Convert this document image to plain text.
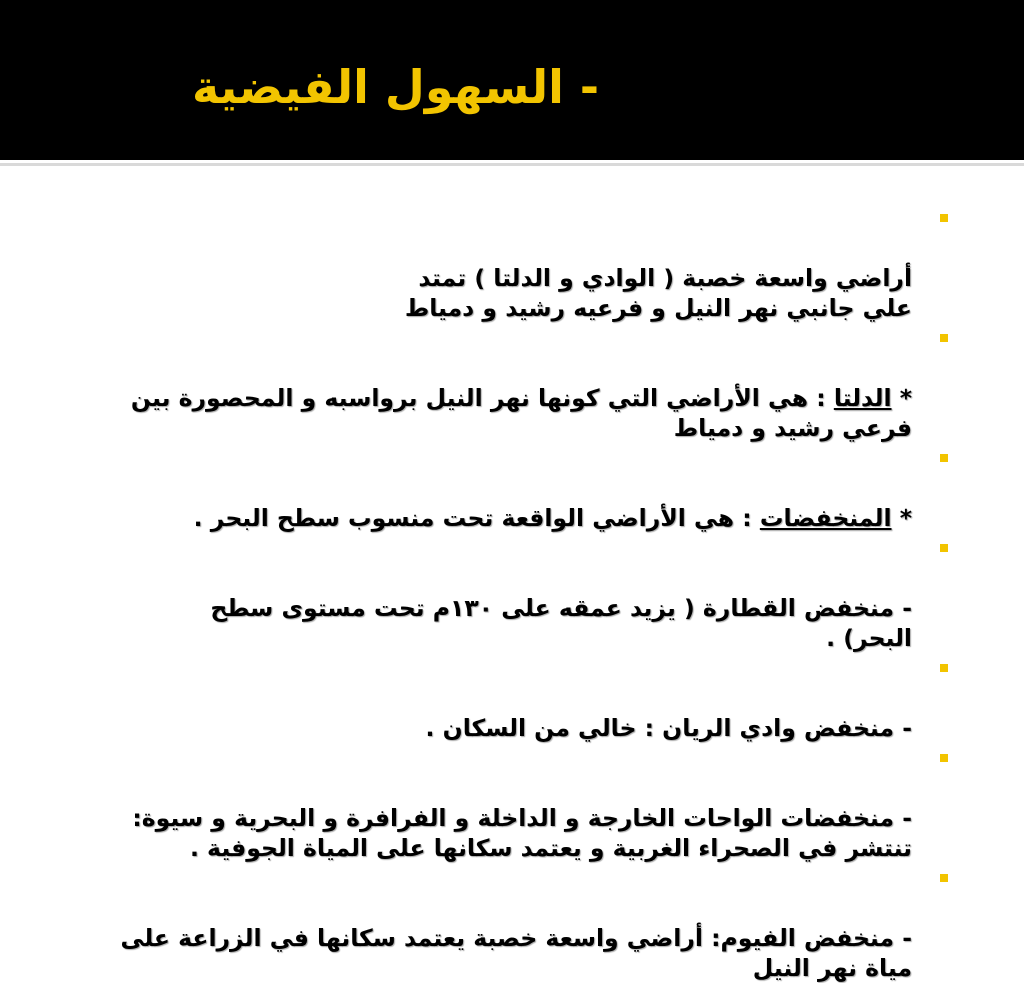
- السهول الفيضية

أراضي واسعة خصبة ( الوادي و الدلتا ) تمتد
علي جانبي نهر النيل و فرعيه رشيد و دمياط

* الدلتا : هي الأراضي التي كونها نهر النيل برواسبه و المحصورة بين فرعي رشيد و دمياط

* المنخفضات : هي الأراضي الواقعة تحت منسوب سطح البحر .

- منخفض القطارة ( يزيد عمقه على ١٣٠م تحت مستوى سطح
البحر) .

- منخفض وادي الريان : خالي من السكان .

- منخفضات الواحات الخارجة و الداخلة و الفرافرة و البحرية و سيوة: تنتشر في الصحراء الغربية و يعتمد سكانها على المياة الجوفية .

- منخفض الفيوم: أراضي واسعة خصبة يعتمد سكانها في الزراعة على مياة نهر النيل
